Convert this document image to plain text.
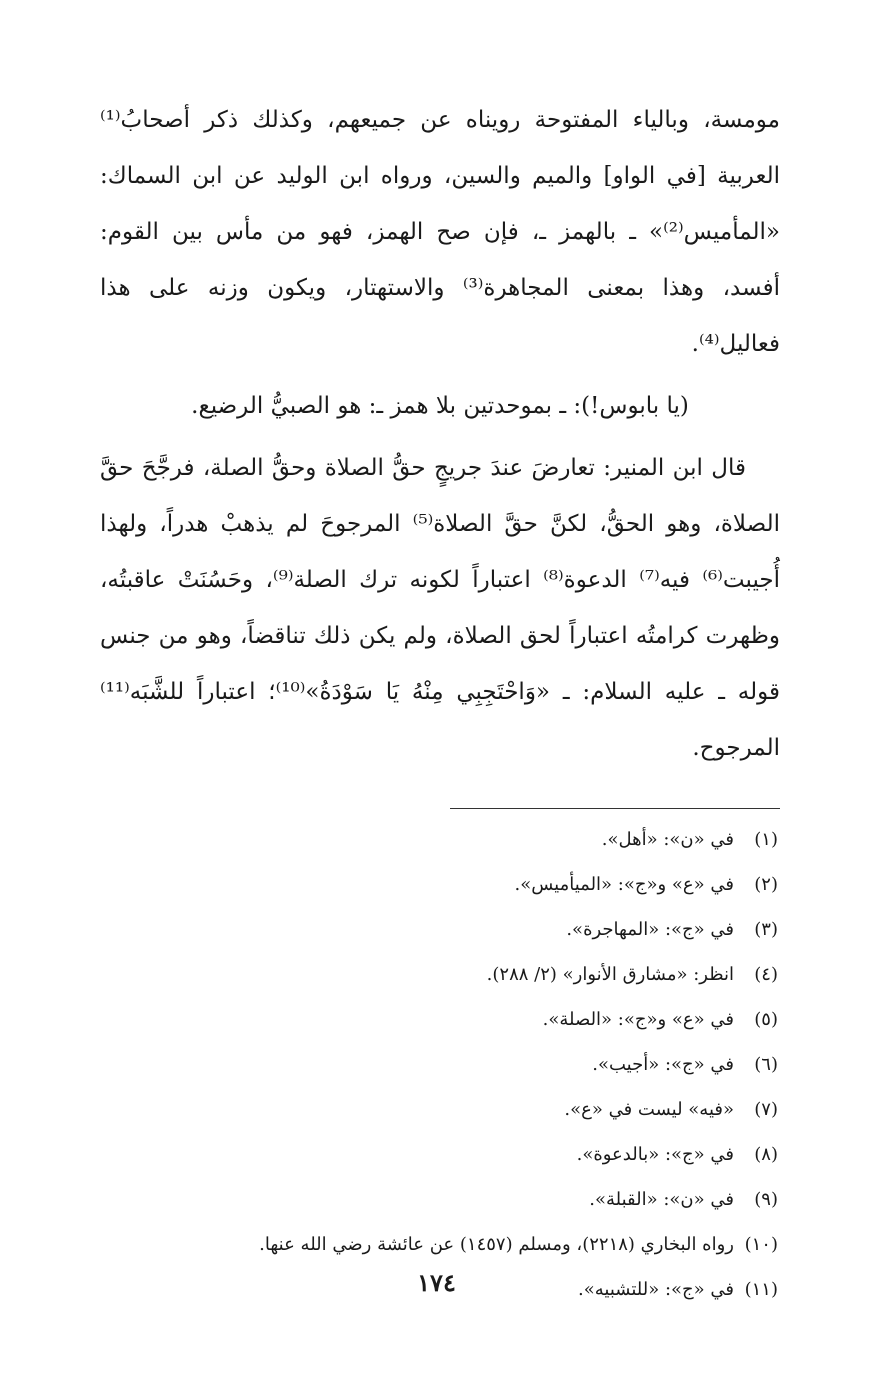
مومسة، وبالياء المفتوحة رويناه عن جميعهم، وكذلك ذكر أصحابُ⁽¹⁾ العربية [في الواو] والميم والسين، ورواه ابن الوليد عن ابن السماك: «المأميس⁽²⁾» ـ بالهمز ـ، فإن صح الهمز، فهو من مأس بين القوم: أفسد، وهذا بمعنى المجاهرة⁽³⁾ والاستهتار، ويكون وزنه على هذا فعاليل⁽⁴⁾.

(يا بابوس!): ـ بموحدتين بلا همز ـ: هو الصبيُّ الرضيع.

قال ابن المنير: تعارضَ عندَ جريجٍ حقُّ الصلاة وحقُّ الصلة، فرجَّحَ حقَّ الصلاة، وهو الحقُّ، لكنَّ حقَّ الصلاة⁽⁵⁾ المرجوحَ لم يذهبْ هدراً، ولهذا أُجيبت⁽⁶⁾ فيه⁽⁷⁾ الدعوة⁽⁸⁾ اعتباراً لكونه ترك الصلة⁽⁹⁾، وحَسُنَتْ عاقبتُه، وظهرت كرامتُه اعتباراً لحق الصلاة، ولم يكن ذلك تناقضاً، وهو من جنس قوله ـ عليه السلام: ـ «وَاحْتَجِبِي مِنْهُ يَا سَوْدَةُ»⁽¹⁰⁾؛ اعتباراً للشَّبَه⁽¹¹⁾ المرجوح.

(١)
في «ن»: «أهل».
(٢)
في «ع» و«ج»: «الميأميس».
(٣)
في «ج»: «المهاجرة».
(٤)
انظر: «مشارق الأنوار» (٢/ ٢٨٨).
(٥)
في «ع» و«ج»: «الصلة».
(٦)
في «ج»: «أجيب».
(٧)
«فيه» ليست في «ع».
(٨)
في «ج»: «بالدعوة».
(٩)
في «ن»: «القبلة».
(١٠)
رواه البخاري (٢٢١٨)، ومسلم (١٤٥٧) عن عائشة رضي الله عنها.
(١١)
في «ج»: «للتشبيه».
١٧٤
